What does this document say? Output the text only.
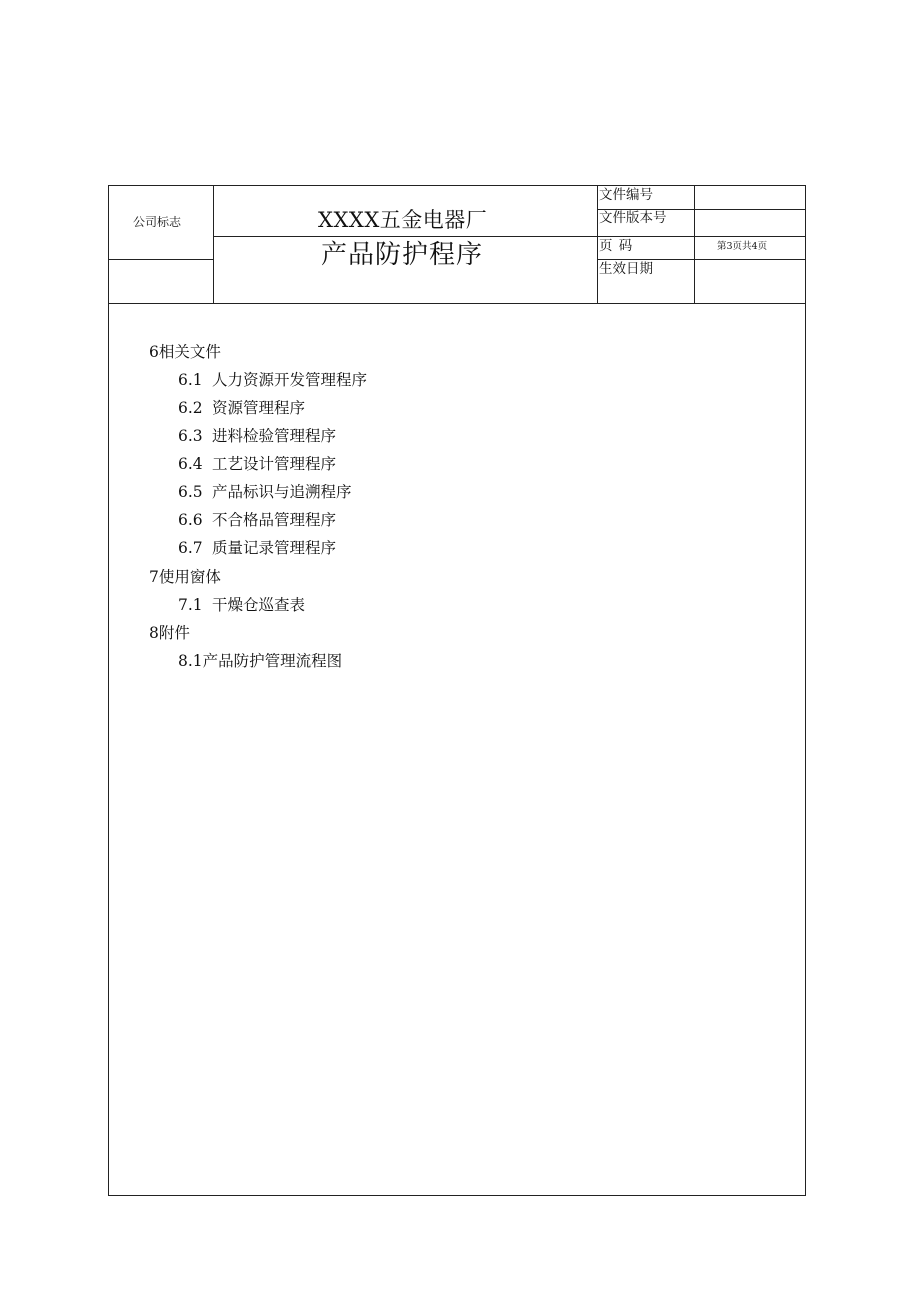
公司标志	XXXX五金电器厂
产品防护程序
文件编号
文件版本号
页 码	第3页共4页
生效日期
6相关文件
6.1 人力资源开发管理程序
6.2 资源管理程序
6.3 进料检验管理程序
6.4 工艺设计管理程序
6.5 产品标识与追溯程序
6.6 不合格品管理程序
6.7 质量记录管理程序
7使用窗体
7.1 干燥仓巡查表
8附件
8.1产品防护管理流程图
